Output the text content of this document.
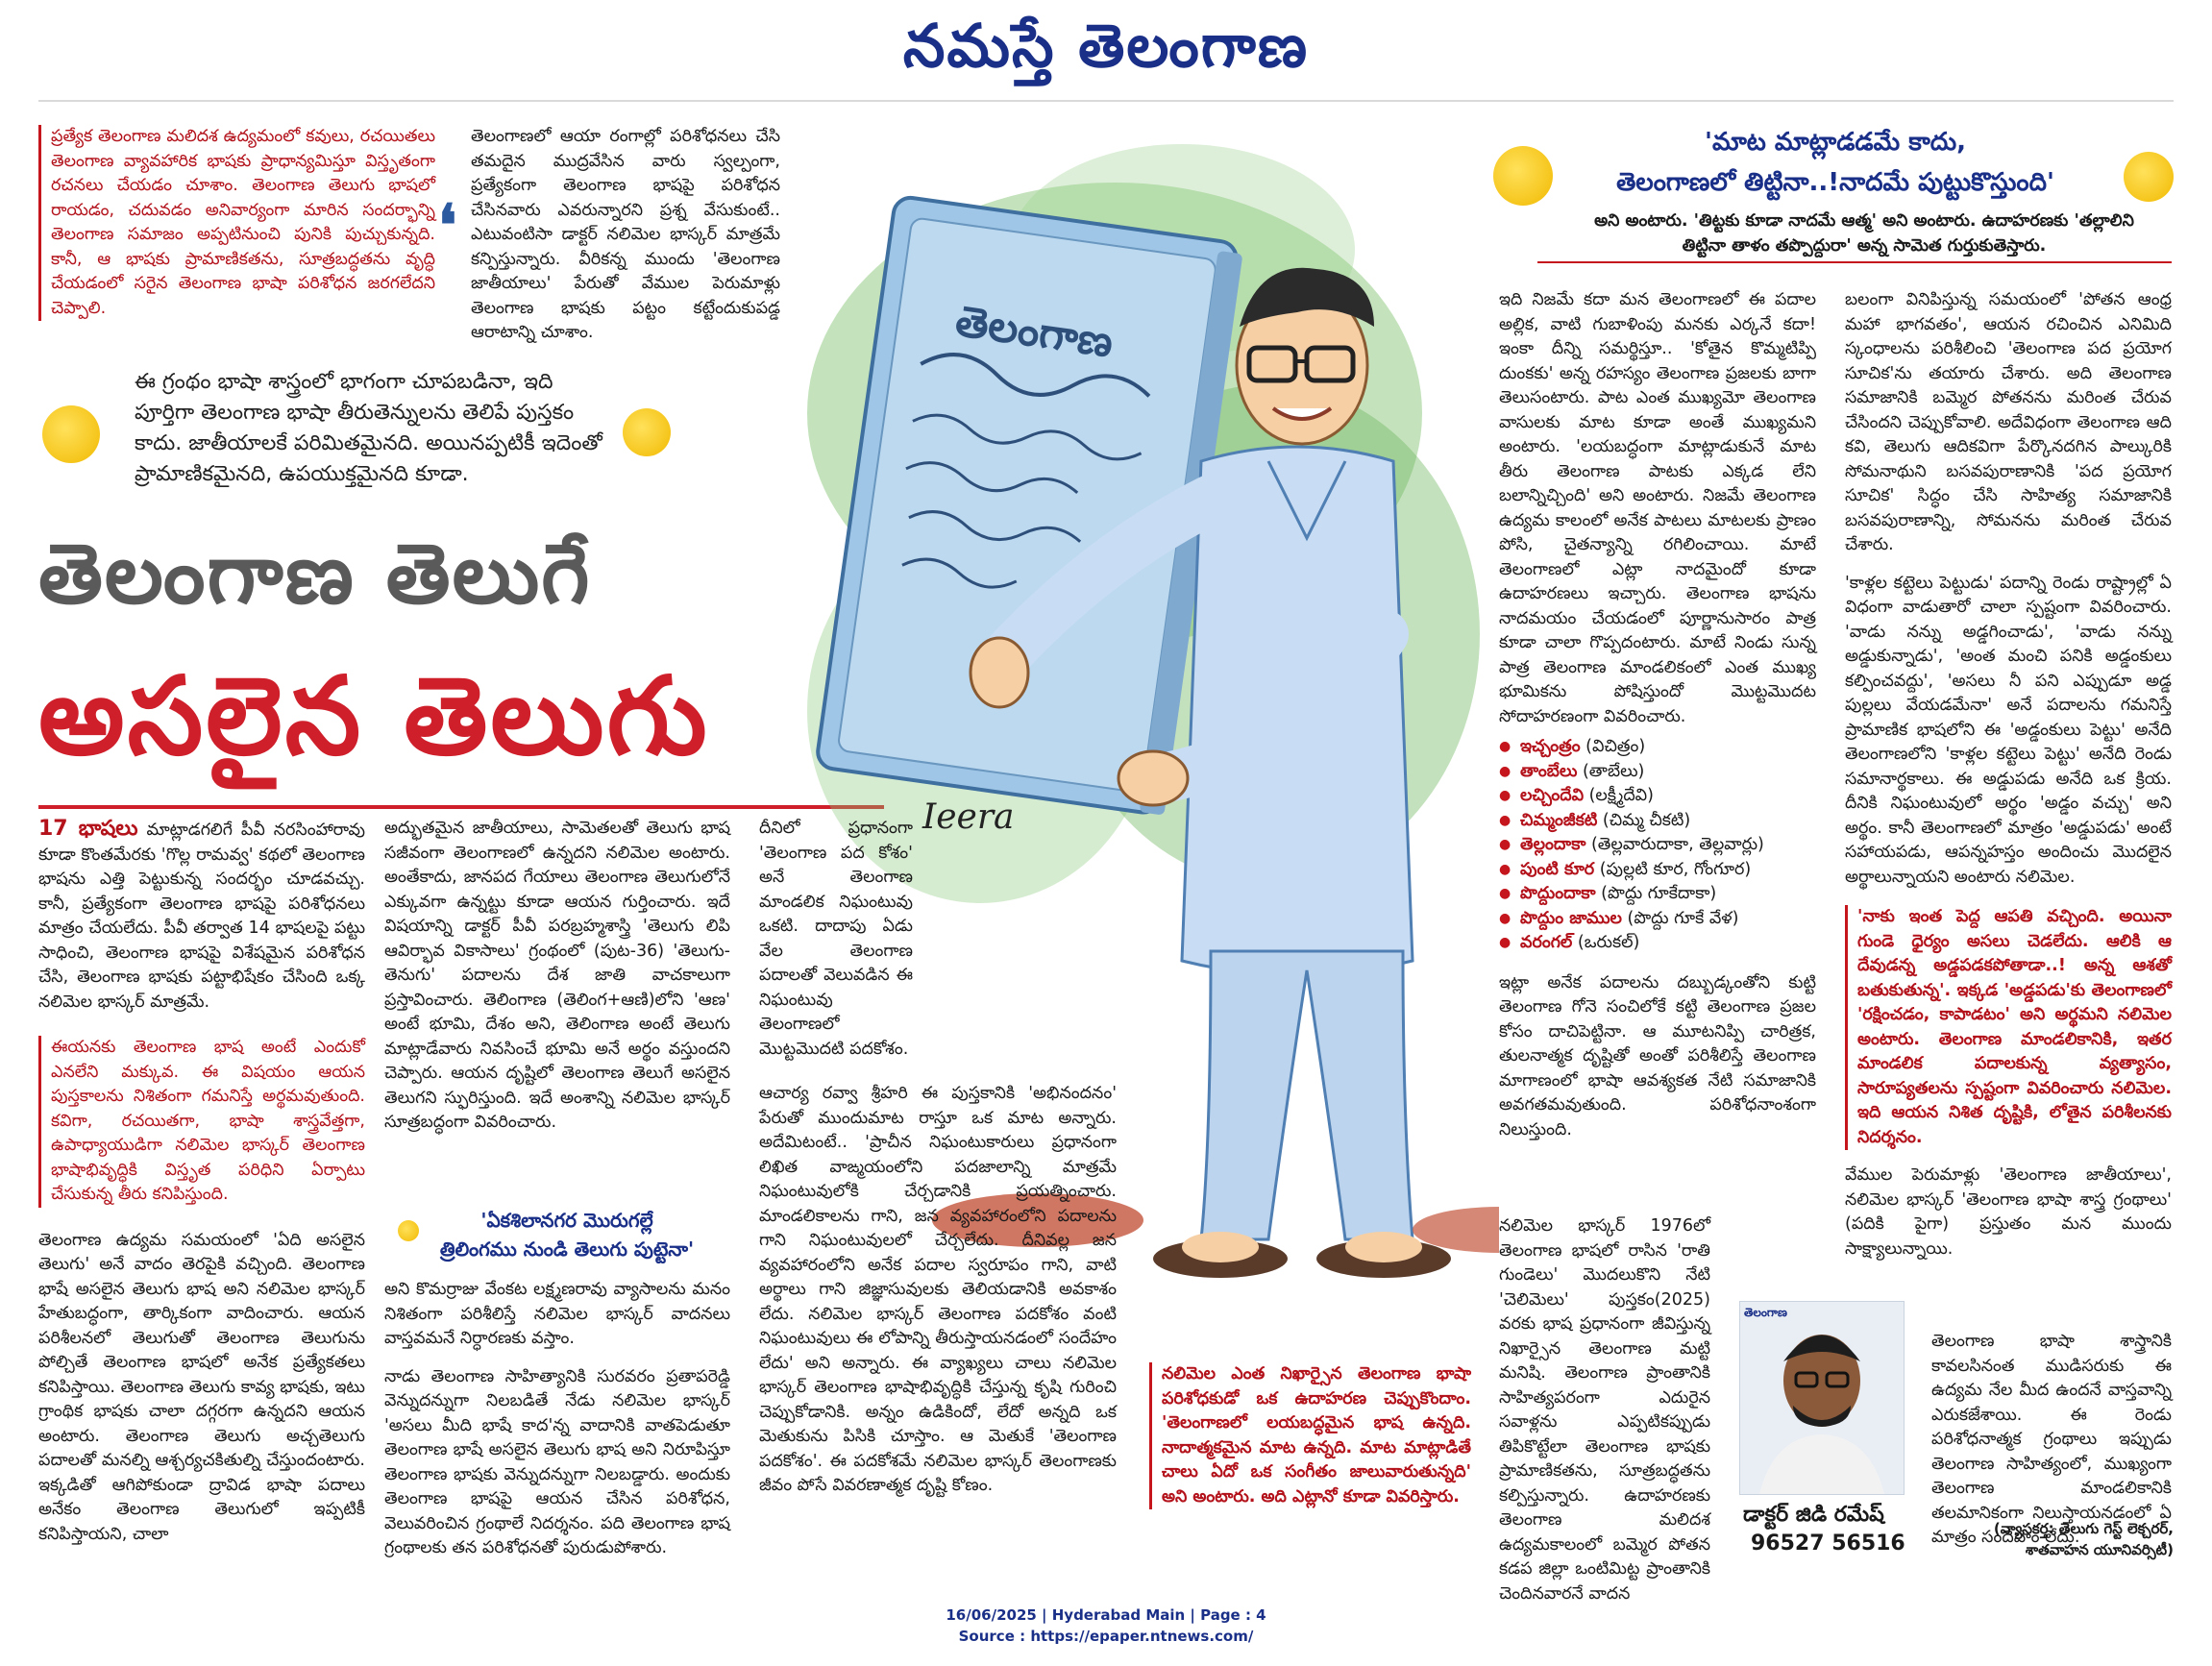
నమస్తే తెలంగాణ
ప్రత్యేక తెలంగాణ మలిదశ ఉద్యమంలో కవులు, రచయితలు తెలంగాణ వ్యావహారిక భాషకు ప్రాధాన్యమిస్తూ విస్తృతంగా రచనలు చేయడం చూశాం. తెలంగాణ తెలుగు భాషలో రాయడం, చదువడం అనివార్యంగా మారిన సందర్భాన్ని తెలంగాణ సమాజం అప్పటినుంచి పునికి పుచ్చుకున్నది. కానీ, ఆ భాషకు ప్రామాణికతను, సూత్రబద్ధతను వృద్ధి చేయడంలో సరైన తెలంగాణ భాషా పరిశోధన జరగలేదని చెప్పాలి.
❛
తెలంగాణలో ఆయా రంగాల్లో పరిశోధనలు చేసి తమదైన ముద్రవేసిన వారు స్వల్పంగా, ప్రత్యేకంగా తెలంగాణ భాషపై పరిశోధన చేసినవారు ఎవరున్నారని ప్రశ్న వేసుకుంటే.. ఎటువంటిసా డాక్టర్ నలిమెల భాస్కర్ మాత్రమే కన్పిస్తున్నారు. వీరికన్న ముందు 'తెలంగాణ జాతీయాలు' పేరుతో వేముల పెరుమాళ్లు తెలంగాణ భాషకు పట్టం కట్టేందుకుపడ్డ ఆరాటాన్ని చూశాం.
ఈ గ్రంథం భాషా శాస్త్రంలో భాగంగా చూపబడినా, ఇది పూర్తిగా తెలంగాణ భాషా తీరుతెన్నులను తెలిపే పుస్తకం కాదు. జాతీయాలకే పరిమితమైనది. అయినప్పటికీ ఇదెంతో ప్రామాణికమైనది, ఉపయుక్తమైనది కూడా.
తెలంగాణ తెలుగే
అసలైన తెలుగు
తెలంగాణ
Ieera
'మాట మాట్లాడడమే కాదు,
తెలంగాణలో తిట్టినా..!నాదమే పుట్టుకొస్తుంది'
అని అంటారు. 'తిట్టకు కూడా నాదమే ఆత్మ' అని అంటారు. ఉదాహరణకు 'తల్లాలిని తిట్టినా తాళం తప్పొద్దురా' అన్న సామెత గుర్తుకుతెస్తారు.

17 భాషలు మాట్లాడగలిగే పీవీ నరసింహారావు కూడా కొంతమేరకు 'గొల్ల రామవ్వ' కథలో తెలంగాణ భాషను ఎత్తి పెట్టుకున్న సందర్భం చూడవచ్చు. కానీ, ప్రత్యేకంగా తెలంగాణ భాషపై పరిశోధనలు మాత్రం చేయలేదు. పీవీ తర్వాత 14 భాషలపై పట్టు సాధించి, తెలంగాణ భాషపై విశేషమైన పరిశోధన చేసి, తెలంగాణ భాషకు పట్టాభిషేకం చేసింది ఒక్క నలిమెల భాస్కర్ మాత్రమే.

ఈయనకు తెలంగాణ భాష అంటే ఎందుకో ఎనలేని మక్కువ. ఈ విషయం ఆయన పుస్తకాలను నిశితంగా గమనిస్తే అర్థమవుతుంది. కవిగా, రచయితగా, భాషా శాస్త్రవేత్తగా, ఉపాధ్యాయుడిగా నలిమెల భాస్కర్ తెలంగాణ భాషాభివృద్ధికి విస్తృత పరిధిని ఏర్పాటు చేసుకున్న తీరు కనిపిస్తుంది.

తెలంగాణ ఉద్యమ సమయంలో 'ఏది అసలైన తెలుగు' అనే వాదం తెరపైకి వచ్చింది. తెలంగాణ భాషే అసలైన తెలుగు భాష అని నలిమెల భాస్కర్ హేతుబద్ధంగా, తార్కికంగా వాదించారు. ఆయన పరిశీలనలో తెలుగుతో తెలంగాణ తెలుగును పోల్చితే తెలంగాణ భాషలో అనేక ప్రత్యేకతలు కనిపిస్తాయి. తెలంగాణ తెలుగు కావ్య భాషకు, ఇటు గ్రాంథిక భాషకు చాలా దగ్గరగా ఉన్నదని ఆయన అంటారు. తెలంగాణ తెలుగు అచ్చతెలుగు పదాలతో మనల్ని ఆశ్చర్యచకితుల్ని చేస్తుందంటారు. ఇక్కడితో ఆగిపోకుండా ద్రావిడ భాషా పదాలు అనేకం తెలంగాణ తెలుగులో ఇప్పటికీ కనిపిస్తాయని, చాలా

అద్భుతమైన జాతీయాలు, సామెతలతో తెలుగు భాష సజీవంగా తెలంగాణలో ఉన్నదని నలిమెల అంటారు. అంతేకాదు, జానపద గేయాలు తెలంగాణ తెలుగులోనే ఎక్కువగా ఉన్నట్టు కూడా ఆయన గుర్తించారు. ఇదే విషయాన్ని డాక్టర్ పీవీ పరబ్రహ్మశాస్త్రి 'తెలుగు లిపి ఆవిర్భావ వికాసాలు' గ్రంథంలో (పుట-36) 'తెలుగు-తెనుగు' పదాలను దేశ జాతి వాచకాలుగా ప్రస్తావించారు. తెలింగాణ (తెలింగ+ఆణి)లోని 'ఆణ' అంటే భూమి, దేశం అని, తెలింగాణ అంటే తెలుగు మాట్లాడేవారు నివసించే భూమి అనే అర్థం వస్తుందని చెప్పారు. ఆయన దృష్టిలో తెలంగాణ తెలుగే అసలైన తెలుగని స్ఫురిస్తుంది. ఇదే అంశాన్ని నలిమెల భాస్కర్ సూత్రబద్ధంగా వివరించారు.

'ఏకశిలానగర మొరుగల్లే
త్రిలింగము నుండి తెలుగు పుట్టెనా'

అని కొమర్రాజు వేంకట లక్ష్మణరావు వ్యాసాలను మనం నిశితంగా పరిశీలిస్తే నలిమెల భాస్కర్ వాదనలు వాస్తవమనే నిర్ధారణకు వస్తాం.

నాడు తెలంగాణ సాహిత్యానికి సురవరం ప్రతాపరెడ్డి వెన్నుదన్నుగా నిలబడితే నేడు నలిమెల భాస్కర్ 'అసలు మీది భాషే కాద'న్న వాదానికి వాతపెడుతూ తెలంగాణ భాషే అసలైన తెలుగు భాష అని నిరూపిస్తూ తెలంగాణ భాషకు వెన్నుదన్నుగా నిలబడ్డారు. అందుకు తెలంగాణ భాషపై ఆయన చేసిన పరిశోధన, వెలువరించిన గ్రంథాలే నిదర్శనం. పది తెలంగాణ భాష గ్రంథాలకు తన పరిశోధనతో పురుడుపోశారు.

దీనిలో ప్రధానంగా 'తెలంగాణ పద కోశం' అనే తెలంగాణ మాండలిక నిఘంటువు ఒకటి. దాదాపు ఏడు వేల తెలంగాణ పదాలతో వెలువడిన ఈ నిఘంటువు తెలంగాణలో మొట్టమొదటి పదకోశం.

ఆచార్య రవ్వా శ్రీహరి ఈ పుస్తకానికి 'అభినందనం' పేరుతో ముందుమాట రాస్తూ ఒక మాట అన్నారు. అదేమిటంటే.. 'ప్రాచీన నిఘంటుకారులు ప్రధానంగా లిఖిత వాఙ్మయంలోని పదజాలాన్ని మాత్రమే నిఘంటువులోకి చేర్చడానికి ప్రయత్నించారు. మాండలికాలను గాని, జన వ్యవహారంలోని పదాలను గాని నిఘంటువులలో చేర్చలేదు. దీనివల్ల జన వ్యవహారంలోని అనేక పదాల స్వరూపం గాని, వాటి అర్థాలు గాని జిజ్ఞాసువులకు తెలియడానికి అవకాశం లేదు. నలిమెల భాస్కర్ తెలంగాణ పదకోశం వంటి నిఘంటువులు ఈ లోపాన్ని తీరుస్తాయనడంలో సందేహం లేదు' అని అన్నారు. ఈ వ్యాఖ్యలు చాలు నలిమెల భాస్కర్ తెలంగాణ భాషాభివృద్ధికి చేస్తున్న కృషి గురించి చెప్పుకోడానికి. అన్నం ఉడికిందో, లేదో అన్నది ఒక మెతుకును పిసికి చూస్తాం. ఆ మెతుకే 'తెలంగాణ పదకోశం'. ఈ పదకోశమే నలిమెల భాస్కర్ తెలంగాణకు జీవం పోసే వివరణాత్మక దృష్టి కోణం.

నలిమెల ఎంత నిఖార్సైన తెలంగాణ భాషా పరిశోధకుడో ఒక ఉదాహరణ చెప్పుకొందాం. 'తెలంగాణలో లయబద్ధమైన భాష ఉన్నది. నాదాత్మకమైన మాట ఉన్నది. మాట మాట్లాడితే చాలు ఏదో ఒక సంగీతం జాలువారుతున్నది' అని అంటారు. అది ఎట్లానో కూడా వివరిస్తారు.

ఇది నిజమే కదా మన తెలంగాణలో ఈ పదాల అల్లిక, వాటి గుబాళింపు మనకు ఎర్కనే కదా! ఇంకా దీన్ని సమర్థిస్తూ.. 'కోతైన కొమ్మటిప్పి దుంకకు' అన్న రహస్యం తెలంగాణ ప్రజలకు బాగా తెలుసంటారు. పాట ఎంత ముఖ్యమో తెలంగాణ వాసులకు మాట కూడా అంతే ముఖ్యమని అంటారు. 'లయబద్ధంగా మాట్లాడుకునే మాట తీరు తెలంగాణ పాటకు ఎక్కడ లేని బలాన్నిచ్చింది' అని అంటారు. నిజమే తెలంగాణ ఉద్యమ కాలంలో అనేక పాటలు మాటలకు ప్రాణం పోసి, చైతన్యాన్ని రగిలించాయి. మాటే తెలంగాణలో ఎట్లా నాదమైందో కూడా ఉదాహరణలు ఇచ్చారు. తెలంగాణ భాషను నాదమయం చేయడంలో పూర్ణానుసారం పాత్ర కూడా చాలా గొప్పదంటారు. మాటే నిండు సున్న పాత్ర తెలంగాణ మాండలికంలో ఎంత ముఖ్య భూమికను పోషిస్తుందో మొట్టమొదట సోదాహరణంగా వివరించారు.

● ఇచ్చంత్రం (విచిత్రం)
● తాంబేలు (తాబేలు)
● లచ్చిందేవి (లక్ష్మీదేవి)
● చిమ్మంజీకటి (చిమ్మ చీకటి)
● తెల్లందాకా (తెల్లవారుదాకా, తెల్లవార్లు)
● పుంటి కూర (పుల్లటి కూర, గోంగూర)
● పొద్దుందాకా (పొద్దు గూకేదాకా)
● పొద్దుం జాముల (పొద్దు గూకే వేళ)
● వరంగల్ (ఒరుకల్)

ఇట్లా అనేక పదాలను దబ్బుడ్కంతోని కుట్టి తెలంగాణ గోనె సంచిలోకే కట్టి తెలంగాణ ప్రజల కోసం దాచిపెట్టినా. ఆ మూటనిప్పి చారిత్రక, తులనాత్మక దృష్టితో అంతో పరిశీలిస్తే తెలంగాణ మాగాణంలో భాషా ఆవశ్యకత నేటి సమాజానికి అవగతమవుతుంది. పరిశోధనాంశంగా నిలుస్తుంది.

నలిమెల భాస్కర్ 1976లో తెలంగాణ భాషలో రాసిన 'రాతి గుండెలు' మొదలుకొని నేటి 'చెలిమెలు' పుస్తకం(2025) వరకు భాష ప్రధానంగా జీవిస్తున్న నిఖార్సైన తెలంగాణ మట్టి మనిషి. తెలంగాణ ప్రాంతానికి సాహిత్యపరంగా ఎదురైన సవాళ్లను ఎప్పటికప్పుడు తిపికొట్టేలా తెలంగాణ భాషకు ప్రామాణికతను, సూత్రబద్ధతను కల్పిస్తున్నారు. ఉదాహరణకు తెలంగాణ మలిదశ ఉద్యమకాలంలో బమ్మెర పోతన కడప జిల్లా ఒంటిమిట్ట ప్రాంతానికి చెందినవారనే వాదన

తెలంగాణ
డాక్టర్ జిడి రమేష్
96527 56516

బలంగా వినిపిస్తున్న సమయంలో 'పోతన ఆంధ్ర మహా భాగవతం', ఆయన రచించిన ఎనిమిది స్కంధాలను పరిశీలించి 'తెలంగాణ పద ప్రయోగ సూచిక'ను తయారు చేశారు. అది తెలంగాణ సమాజానికి బమ్మెర పోతనను మరింత చేరువ చేసిందని చెప్పుకోవాలి. అదేవిధంగా తెలంగాణ ఆది కవి, తెలుగు ఆదికవిగా పేర్కొనదగిన పాల్కురికి సోమనాథుని బసవపురాణానికి 'పద ప్రయోగ సూచిక' సిద్ధం చేసి సాహిత్య సమాజానికి బసవపురాణాన్ని, సోమనను మరింత చేరువ చేశారు.

'కాళ్లల కట్టెలు పెట్టుడు' పదాన్ని రెండు రాష్ట్రాల్లో ఏ విధంగా వాడుతారో చాలా స్పష్టంగా వివరించారు. 'వాడు నన్ను అడ్డగించాడు', 'వాడు నన్ను అడ్డుకున్నాడు', 'అంత మంచి పనికి అడ్డంకులు కల్పించవద్దు', 'అసలు నీ పని ఎప్పుడూ అడ్డ పుల్లలు వేయడమేనా' అనే పదాలను గమనిస్తే ప్రామాణిక భాషలోని ఈ 'అడ్డంకులు పెట్టు' అనేది తెలంగాణలోని 'కాళ్లల కట్టెలు పెట్టు' అనేది రెండు సమానార్థకాలు. ఈ అడ్డుపడు అనేది ఒక క్రియ. దీనికి నిఘంటువులో అర్థం 'అడ్డం వచ్చు' అని అర్థం. కానీ తెలంగాణలో మాత్రం 'అడ్డుపడు' అంటే సహాయపడు, ఆపన్నహస్తం అందించు మొదలైన అర్థాలున్నాయని అంటారు నలిమెల.

'నాకు ఇంత పెద్ద ఆపతి వచ్చింది. అయినా గుండె ధైర్యం అసలు చెడలేదు. ఆలికి ఆ దేవుడన్న అడ్డపడకపోతాడా..! అన్న ఆశతో బతుకుతున్న'. ఇక్కడ 'అడ్డపడు'కు తెలంగాణలో 'రక్షించడం, కాపాడటం' అని అర్థమని నలిమెల అంటారు. తెలంగాణ మాండలికానికి, ఇతర మాండలిక పదాలకున్న వ్యత్యాసం, సారూప్యతలను స్పష్టంగా వివరించారు నలిమెల. ఇది ఆయన నిశిత దృష్టికి, లోతైన పరిశీలనకు నిదర్శనం.

వేముల పెరుమాళ్లు 'తెలంగాణ జాతీయాలు', నలిమెల భాస్కర్ 'తెలంగాణ భాషా శాస్త్ర గ్రంథాలు' (పదికి పైగా) ప్రస్తుతం మన ముందు సాక్ష్యాలున్నాయి.

తెలంగాణ భాషా శాస్త్రానికి కావలసినంత ముడిసరుకు ఈ ఉద్యమ నేల మీద ఉందనే వాస్తవాన్ని ఎరుకజేశాయి. ఈ రెండు పరిశోధనాత్మక గ్రంథాలు ఇప్పుడు తెలంగాణ సాహిత్యంలో, ముఖ్యంగా తెలంగాణ మాండలికానికి తలమానికంగా నిలుస్తాయనడంలో ఏ మాత్రం సందేహం లేదు.

(వ్యాసకర్త: తెలుగు గెస్ట్ లెక్చరర్,
శాతవాహన యూనివర్సిటీ)
16/06/2025 | Hyderabad Main | Page : 4
Source : https://epaper.ntnews.com/
